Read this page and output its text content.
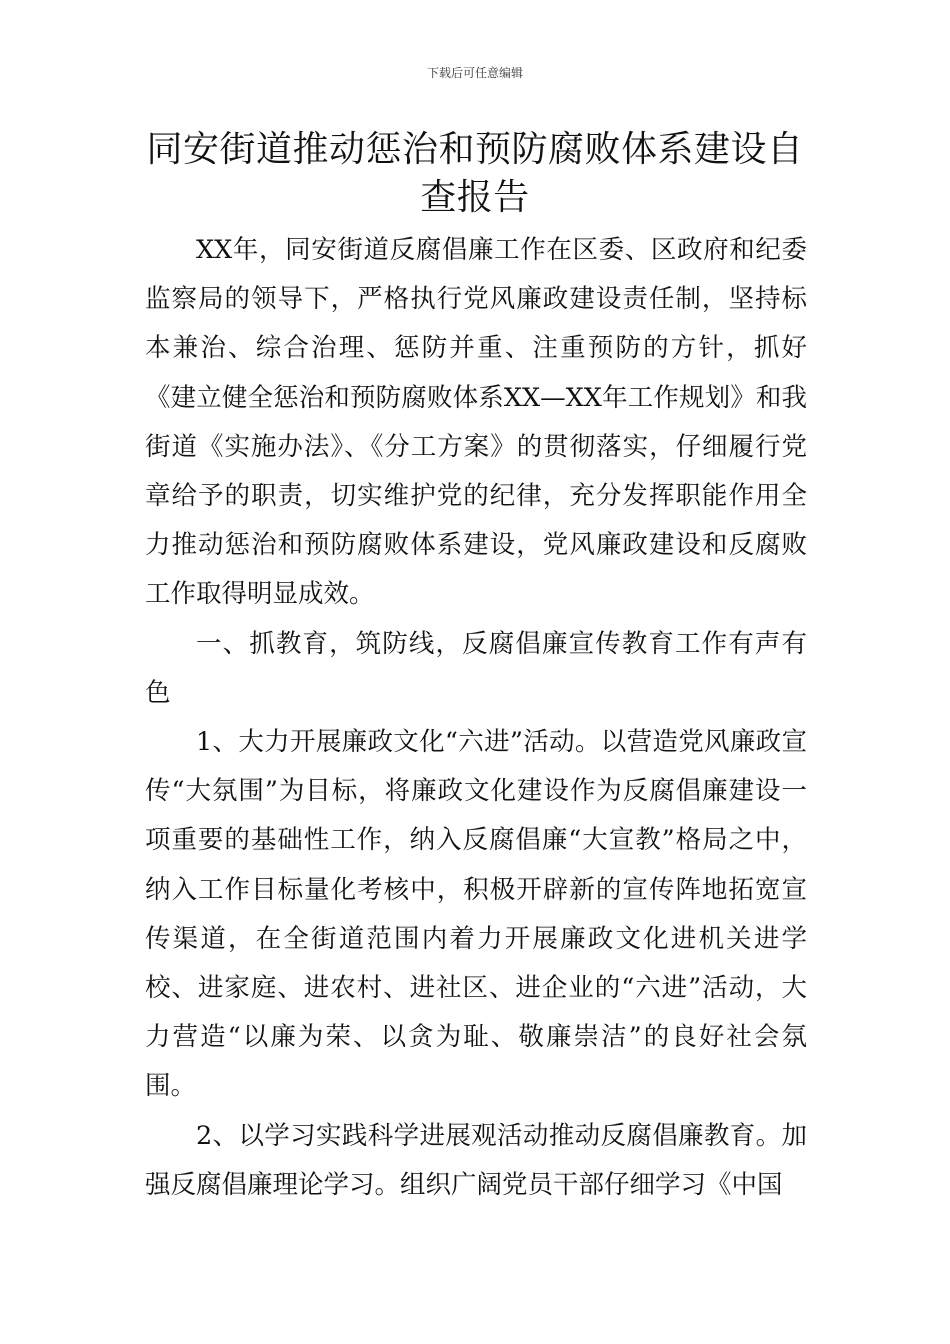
下载后可任意编辑
同安街道推动惩治和预防腐败体系建设自查报告

XX年，同安街道反腐倡廉工作在区委、区政府和纪委监察局的领导下，严格执行党风廉政建设责任制，坚持标本兼治、综合治理、惩防并重、注重预防的方针，抓好《建立健全惩治和预防腐败体系XX—XX年工作规划》和我街道《实施办法》、《分工方案》的贯彻落实，仔细履行党章给予的职责，切实维护党的纪律，充分发挥职能作用全力推动惩治和预防腐败体系建设，党风廉政建设和反腐败工作取得明显成效。

一、抓教育，筑防线，反腐倡廉宣传教育工作有声有色

1、大力开展廉政文化“六进”活动。以营造党风廉政宣传“大氛围”为目标，将廉政文化建设作为反腐倡廉建设一项重要的基础性工作，纳入反腐倡廉“大宣教”格局之中，纳入工作目标量化考核中，积极开辟新的宣传阵地拓宽宣传渠道，在全街道范围内着力开展廉政文化进机关进学校、进家庭、进农村、进社区、进企业的“六进”活动，大力营造“以廉为荣、以贪为耻、敬廉崇洁”的良好社会氛围。

2、以学习实践科学进展观活动推动反腐倡廉教育。加强反腐倡廉理论学习。组织广阔党员干部仔细学习《中国
